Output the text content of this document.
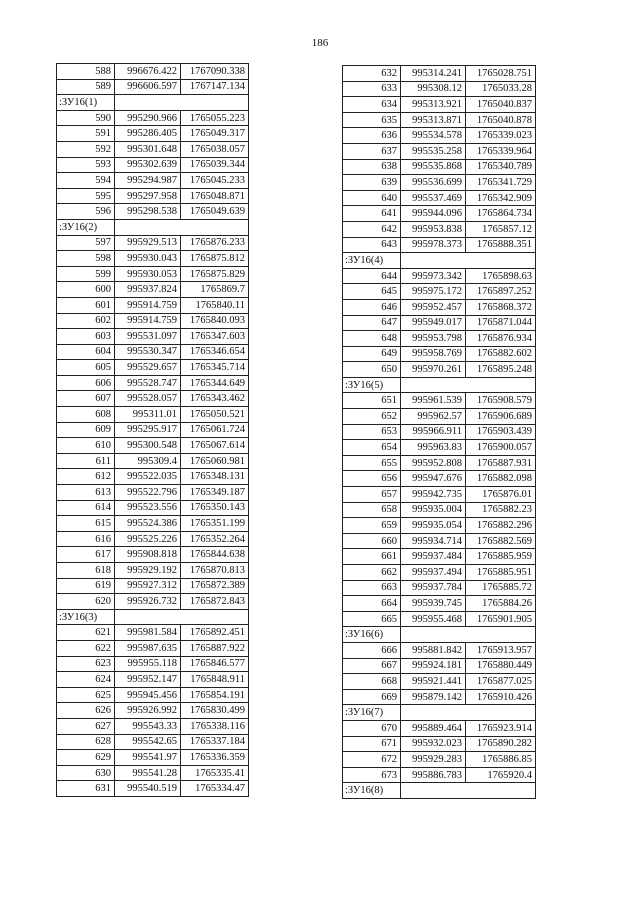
186
588	996676.422	1767090.338
589	996606.597	1767147.134
:ЗУ16(1)		
590	995290.966	1765055.223
591	995286.405	1765049.317
592	995301.648	1765038.057
593	995302.639	1765039.344
594	995294.987	1765045.233
595	995297.958	1765048.871
596	995298.538	1765049.639
:ЗУ16(2)		
597	995929.513	1765876.233
598	995930.043	1765875.812
599	995930.053	1765875.829
600	995937.824	1765869.7
601	995914.759	1765840.11
602	995914.759	1765840.093
603	995531.097	1765347.603
604	995530.347	1765346.654
605	995529.657	1765345.714
606	995528.747	1765344.649
607	995528.057	1765343.462
608	995311.01	1765050.521
609	995295.917	1765061.724
610	995300.548	1765067.614
611	995309.4	1765060.981
612	995522.035	1765348.131
613	995522.796	1765349.187
614	995523.556	1765350.143
615	995524.386	1765351.199
616	995525.226	1765352.264
617	995908.818	1765844.638
618	995929.192	1765870.813
619	995927.312	1765872.389
620	995926.732	1765872.843
:ЗУ16(3)		
621	995981.584	1765892.451
622	995987.635	1765887.922
623	995955.118	1765846.577
624	995952.147	1765848.911
625	995945.456	1765854.191
626	995926.992	1765830.499
627	995543.33	1765338.116
628	995542.65	1765337.184
629	995541.97	1765336.359
630	995541.28	1765335.41
631	995540.519	1765334.47
632	995314.241	1765028.751
633	995308.12	1765033.28
634	995313.921	1765040.837
635	995313.871	1765040.878
636	995534.578	1765339.023
637	995535.258	1765339.964
638	995535.868	1765340.789
639	995536.699	1765341.729
640	995537.469	1765342.909
641	995944.096	1765864.734
642	995953.838	1765857.12
643	995978.373	1765888.351
:ЗУ16(4)		
644	995973.342	1765898.63
645	995975.172	1765897.252
646	995952.457	1765868.372
647	995949.017	1765871.044
648	995953.798	1765876.934
649	995958.769	1765882.602
650	995970.261	1765895.248
:ЗУ16(5)		
651	995961.539	1765908.579
652	995962.57	1765906.689
653	995966.911	1765903.439
654	995963.83	1765900.057
655	995952.808	1765887.931
656	995947.676	1765882.098
657	995942.735	1765876.01
658	995935.004	1765882.23
659	995935.054	1765882.296
660	995934.714	1765882.569
661	995937.484	1765885.959
662	995937.494	1765885.951
663	995937.784	1765885.72
664	995939.745	1765884.26
665	995955.468	1765901.905
:ЗУ16(6)		
666	995881.842	1765913.957
667	995924.181	1765880.449
668	995921.441	1765877.025
669	995879.142	1765910.426
:ЗУ16(7)		
670	995889.464	1765923.914
671	995932.023	1765890.282
672	995929.283	1765886.85
673	995886.783	1765920.4
:ЗУ16(8)		
